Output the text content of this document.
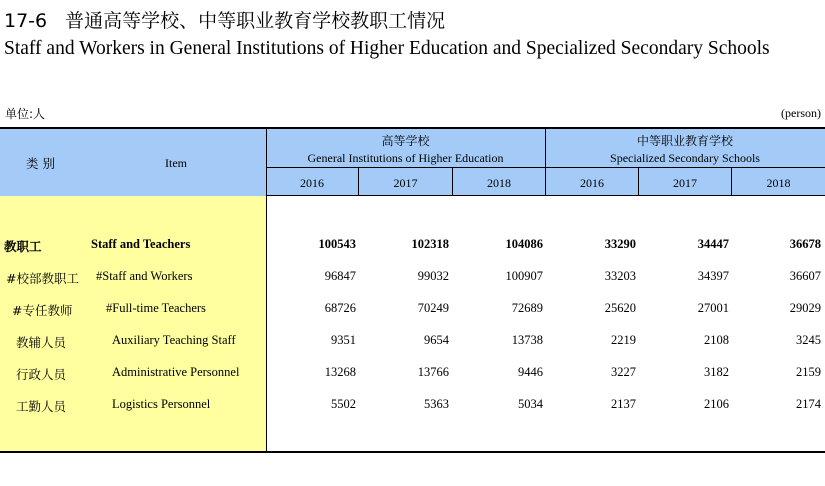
17-6 普通高等学校、中等职业教育学校教职工情况
Staff and Workers in General Institutions of Higher Education and Specialized Secondary Schools
单位:人	(person)
类 别	Item
高等学校
General Institutions of Higher Education
中等职业教育学校
Specialized Secondary Schools
2016	2017	2018	2016	2017	2018
教职工	Staff and Teachers	100543	102318	104086	33290	34447	36678
#校部教职工 #Staff and Workers	96847	99032	100907	33203	34397	36607
#专任教师	#Full-time Teachers	68726	70249	72689	25620	27001	29029
教辅人员	Auxiliary Teaching Staff	9351	9654	13738	2219	2108	3245
行政人员	Administrative Personnel	13268	13766	9446	3227	3182	2159
工勤人员	Logistics Personnel	5502	5363	5034	2137	2106	2174
